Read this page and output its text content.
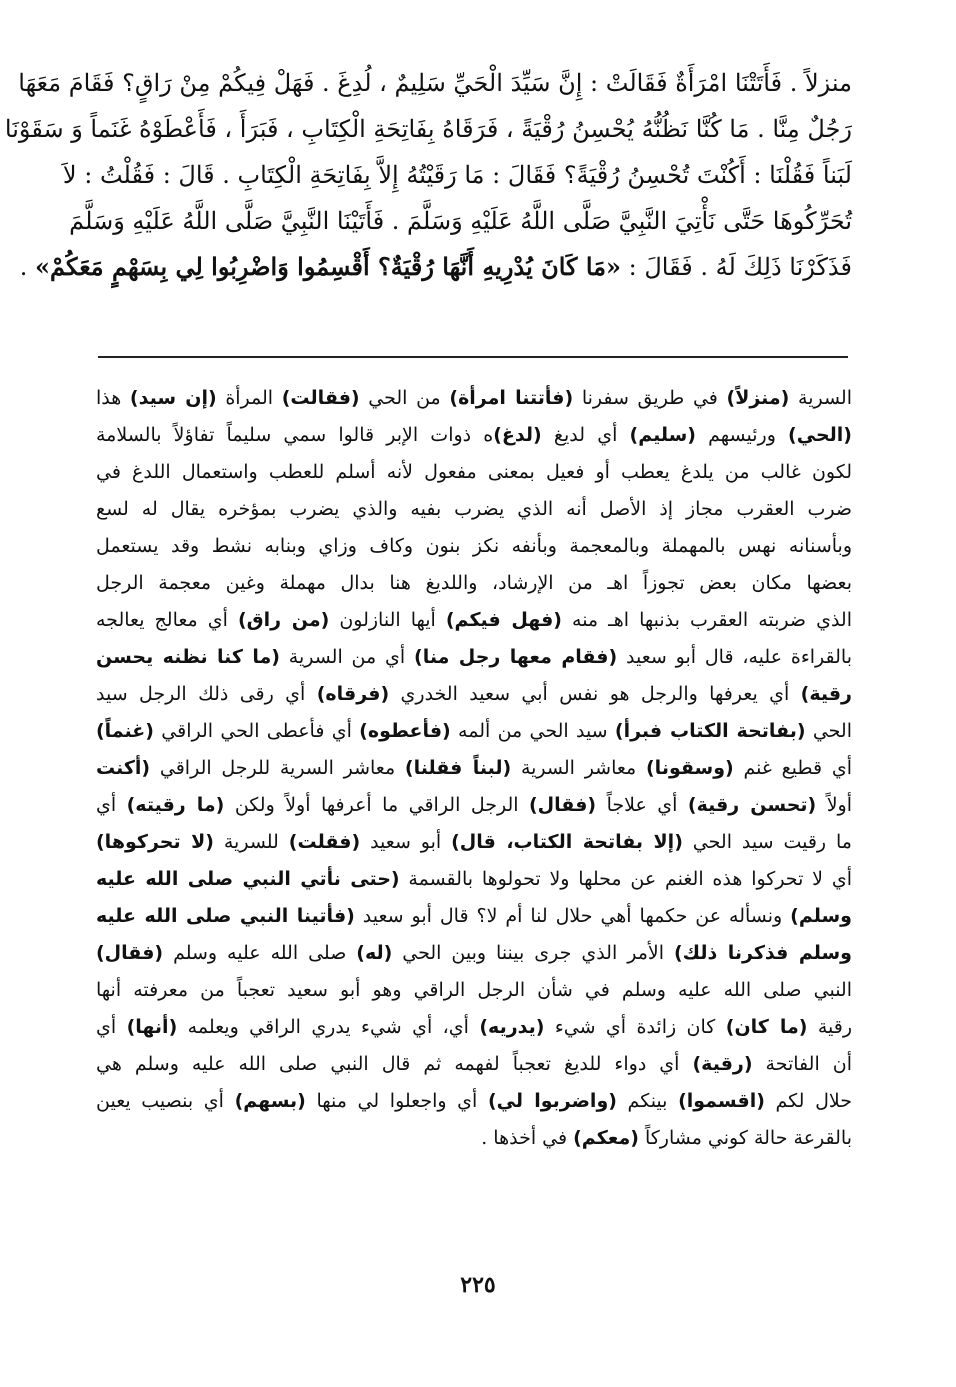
منزلاً . فَأَتَتْنَا امْرَأَةٌ فَقَالَتْ : إِنَّ سَيِّدَ الْحَيِّ سَلِيمٌ ، لُدِغَ . فَهَلْ فِيكُمْ مِنْ رَاقٍ؟ فَقَامَ مَعَهَا
رَجُلٌ مِنَّا . مَا كُنَّا نَظُنُّهُ يُحْسِنُ رُقْيَةً ، فَرَقَاهُ بِفَاتِحَةِ الْكِتَابِ ، فَبَرَأَ ، فَأَعْطَوْهُ غَنَماً وَ سَقَوْنَا
لَبَناً فَقُلْنَا : أَكُنْتَ تُحْسِنُ رُقْيَةً؟ فَقَالَ : مَا رَقَيْتُهُ إِلاَّ بِفَاتِحَةِ الْكِتَابِ . قَالَ : فَقُلْتُ : لاَ
تُحَرِّكُوهَا حَتَّى نَأْتِيَ النَّبِيَّ صَلَّى اللَّهُ عَلَيْهِ وَسَلَّمَ . فَأَتَيْنَا النَّبِيَّ صَلَّى اللَّهُ عَلَيْهِ وَسَلَّمَ
فَذَكَرْنَا ذَلِكَ لَهُ . فَقَالَ : «مَا كَانَ يُدْرِيهِ أَنَّهَا رُقْيَةٌ؟ أَقْسِمُوا وَاضْرِبُوا لِي بِسَهْمٍ مَعَكُمْ» .
السرية (منزلاً) في طريق سفرنا (فأتتنا امرأة) من الحي (فقالت) المرأة (إن سيد) هذا
(الحي) ورئيسهم (سليم) أي لديغ (لدغ)ه ذوات الإبر قالوا سمي سليماً تفاؤلاً بالسلامة
لكون غالب من يلدغ يعطب أو فعيل بمعنى مفعول لأنه أسلم للعطب واستعمال اللدغ في
ضرب العقرب مجاز إذ الأصل أنه الذي يضرب بفيه والذي يضرب بمؤخره يقال له لسع
وبأسنانه نهس بالمهملة وبالمعجمة وبأنفه نكز بنون وكاف وزاي وبنابه نشط وقد يستعمل
بعضها مكان بعض تجوزاً اهـ من الإرشاد، واللديغ هنا بدال مهملة وغين معجمة الرجل
الذي ضربته العقرب بذنبها اهـ منه (فهل فيكم) أيها النازلون (من راق) أي معالج يعالجه
بالقراءة عليه، قال أبو سعيد (فقام معها رجل منا) أي من السرية (ما كنا نظنه يحسن
رقية) أي يعرفها والرجل هو نفس أبي سعيد الخدري (فرقاه) أي رقى ذلك الرجل سيد
الحي (بفاتحة الكتاب فبرأ) سيد الحي من ألمه (فأعطوه) أي فأعطى الحي الراقي (غنماً)
أي قطيع غنم (وسقونا) معاشر السرية (لبناً فقلنا) معاشر السرية للرجل الراقي (أكنت
أولاً (تحسن رقية) أي علاجاً (فقال) الرجل الراقي ما أعرفها أولاً ولكن (ما رقيته) أي
ما رقيت سيد الحي (إلا بفاتحة الكتاب، قال) أبو سعيد (فقلت) للسرية (لا تحركوها)
أي لا تحركوا هذه الغنم عن محلها ولا تحولوها بالقسمة (حتى نأتي النبي صلى الله عليه
وسلم) ونسأله عن حكمها أهي حلال لنا أم لا؟ قال أبو سعيد (فأتينا النبي صلى الله عليه
وسلم فذكرنا ذلك) الأمر الذي جرى بيننا وبين الحي (له) صلى الله عليه وسلم (فقال)
النبي صلى الله عليه وسلم في شأن الرجل الراقي وهو أبو سعيد تعجباً من معرفته أنها
رقية (ما كان) كان زائدة أي شيء (يدريه) أي، أي شيء يدري الراقي ويعلمه (أنها) أي
أن الفاتحة (رقية) أي دواء للديغ تعجباً لفهمه ثم قال النبي صلى الله عليه وسلم هي
حلال لكم (اقسموا) بينكم (واضربوا لي) أي واجعلوا لي منها (بسهم) أي بنصيب يعين
بالقرعة حالة كوني مشاركاً (معكم) في أخذها .
٢٢٥
